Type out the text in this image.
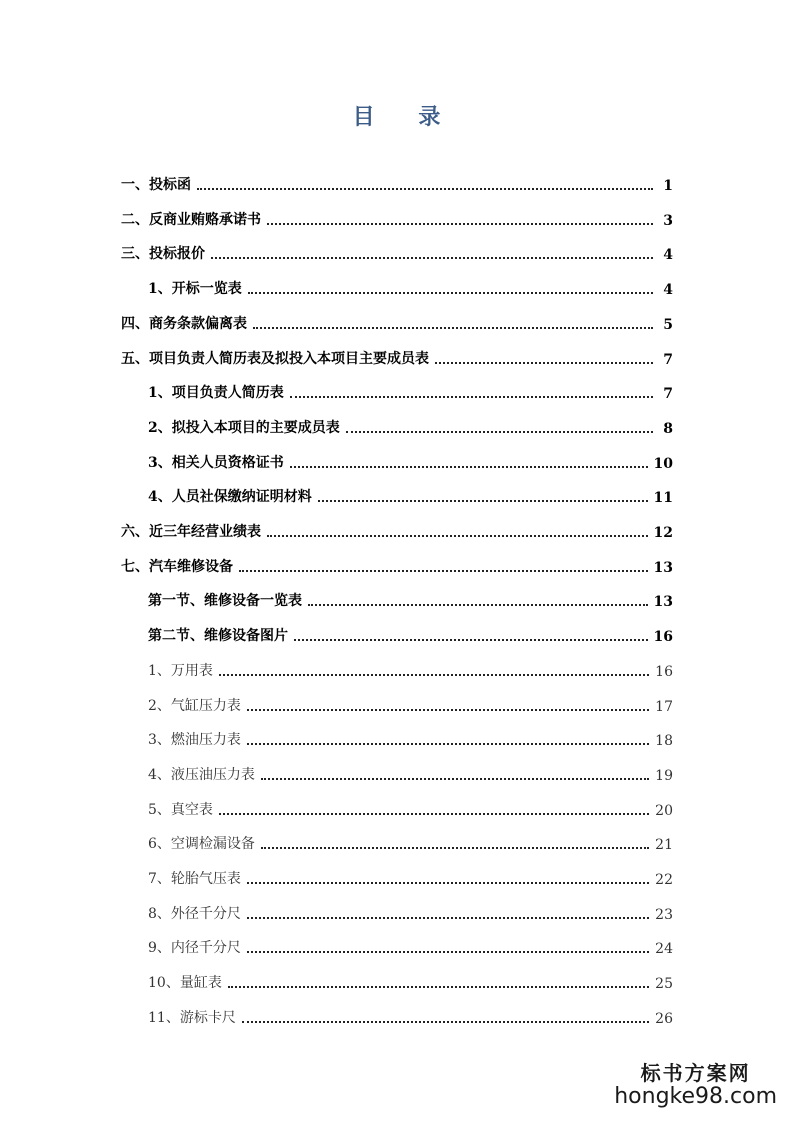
目 录
一、投标函	1
二、反商业贿赂承诺书	3
三、投标报价	4
1、开标一览表	4
四、商务条款偏离表	5
五、项目负责人简历表及拟投入本项目主要成员表	7
1、项目负责人简历表	7
2、拟投入本项目的主要成员表	8
3、相关人员资格证书	10
4、人员社保缴纳证明材料	11
六、近三年经营业绩表	12
七、汽车维修设备	13
第一节、维修设备一览表	13
第二节、维修设备图片	16
1、万用表	16
2、气缸压力表	17
3、燃油压力表	18
4、液压油压力表	19
5、真空表	20
6、空调检漏设备	21
7、轮胎气压表	22
8、外径千分尺	23
9、内径千分尺	24
10、量缸表	25
11、游标卡尺	26
标书方案网
hongke98.com
